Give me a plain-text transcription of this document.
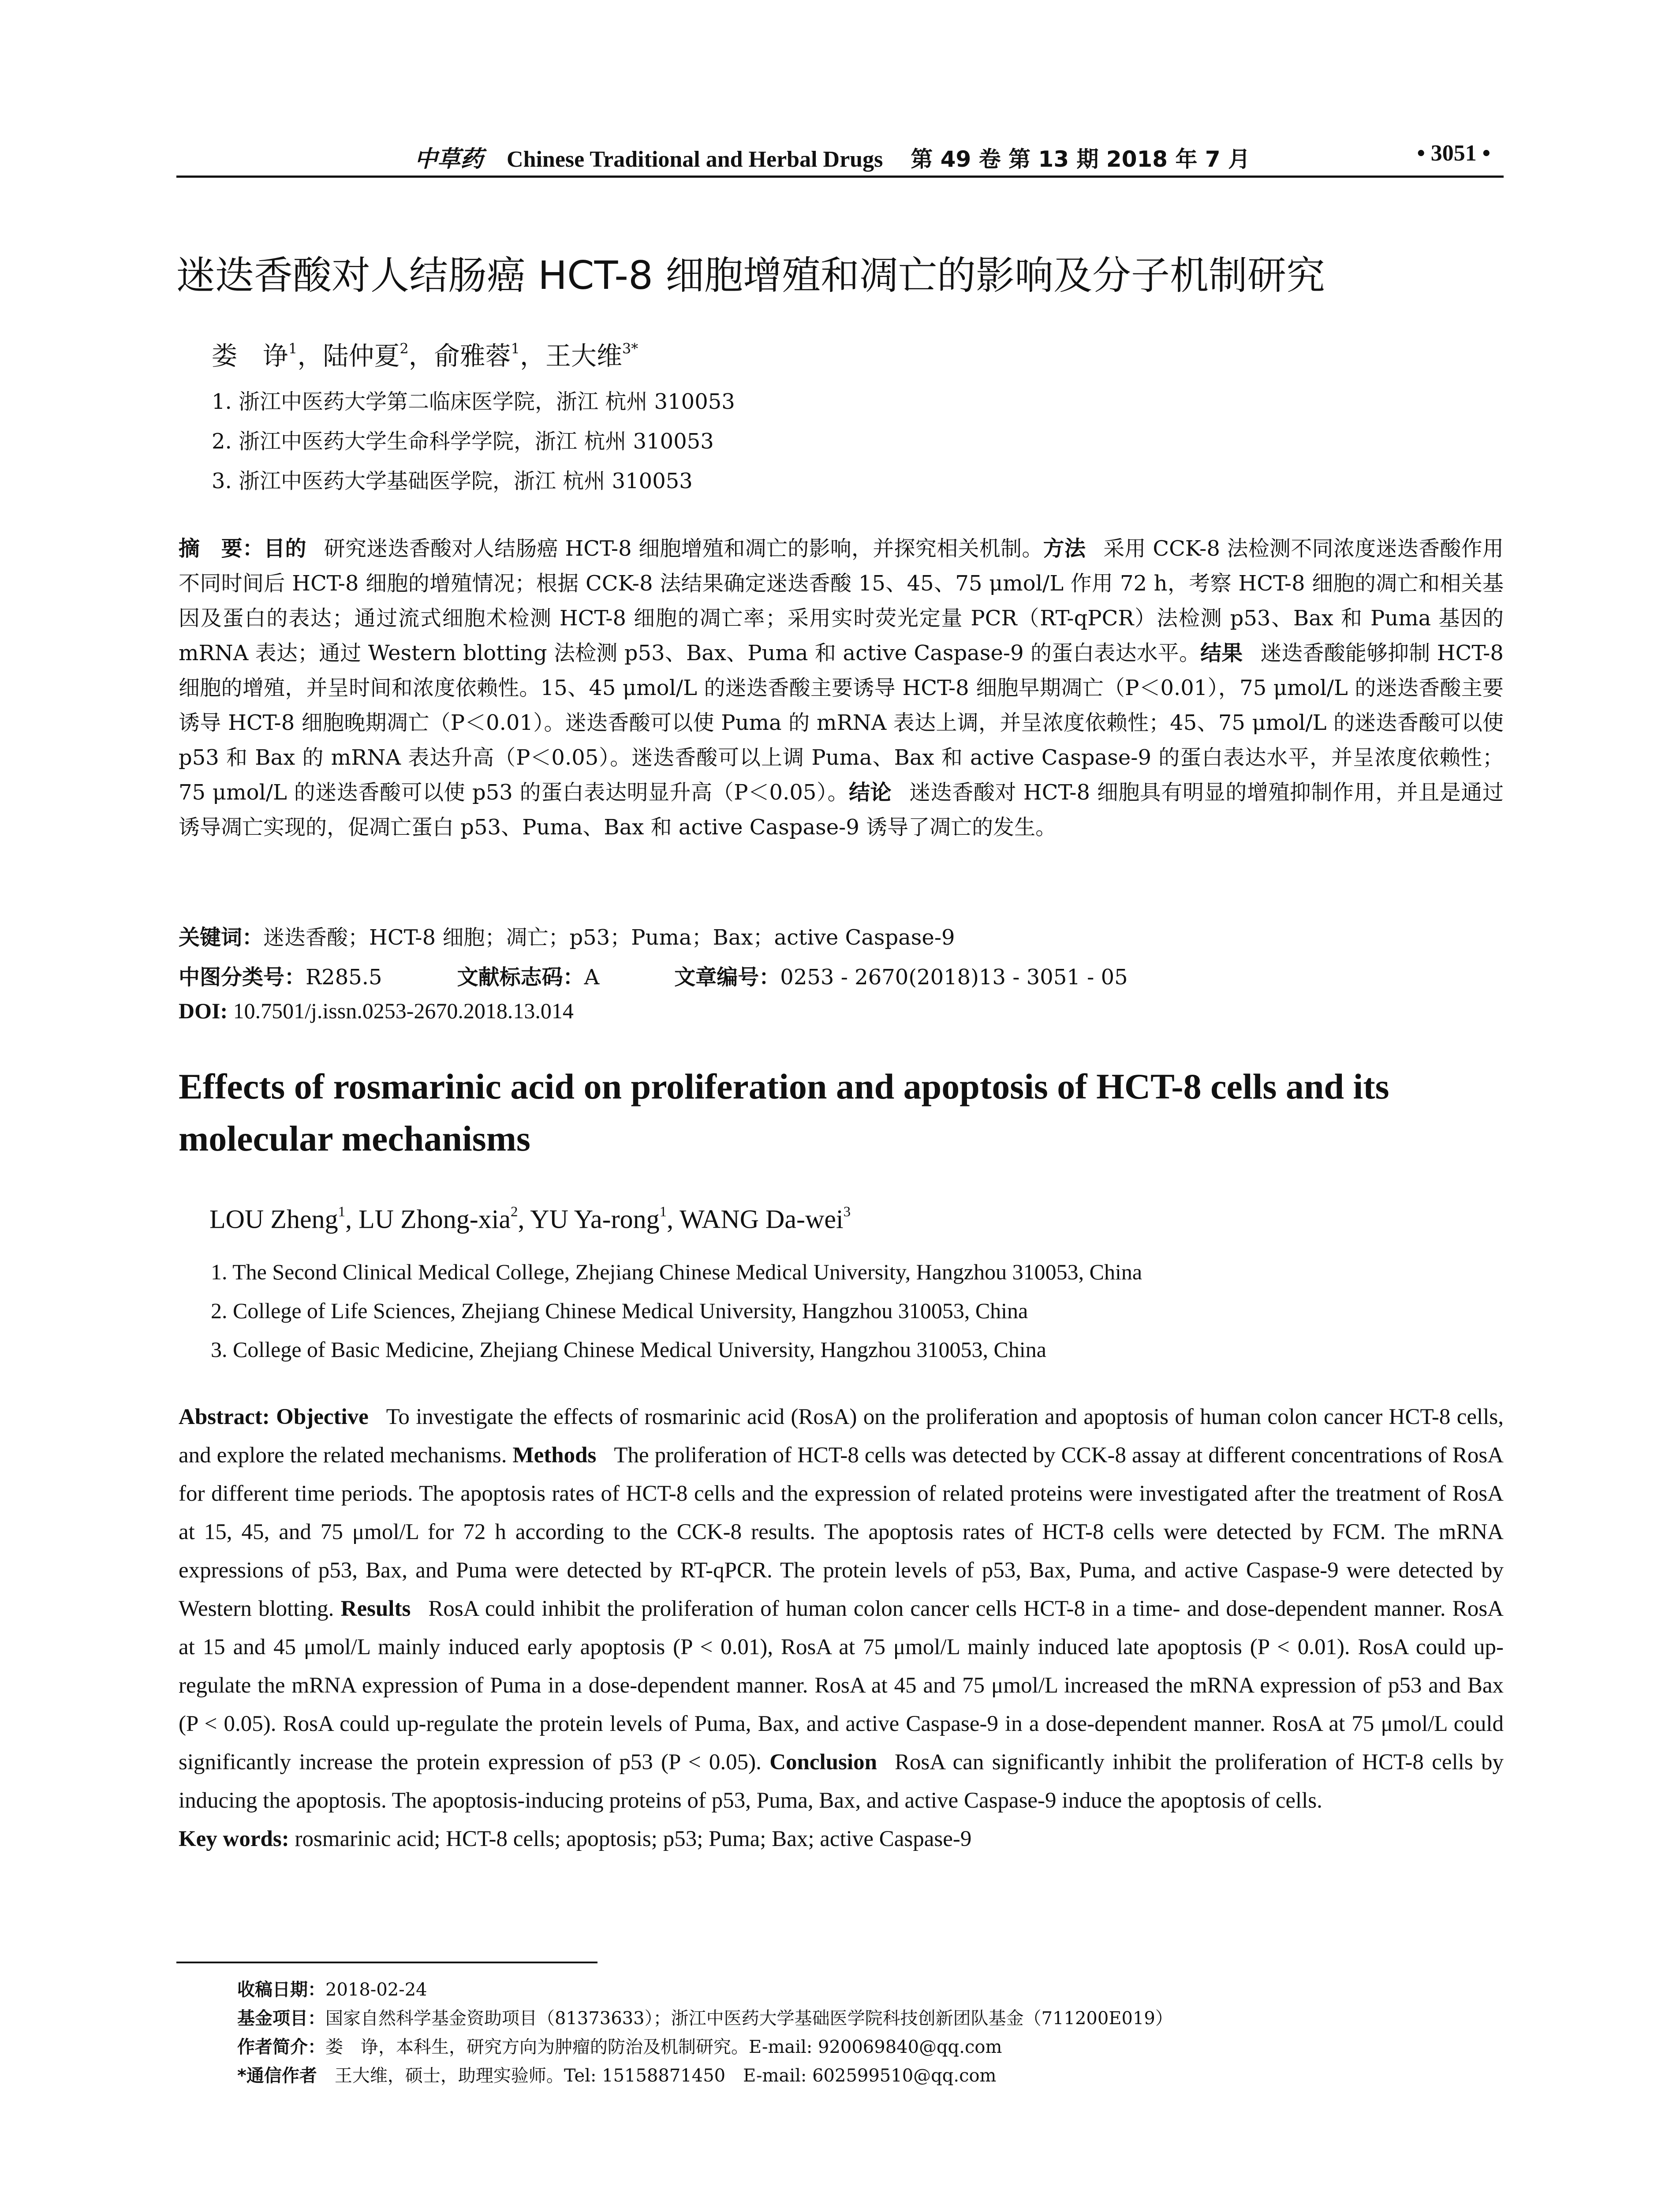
中草药 Chinese Traditional and Herbal Drugs 第 49 卷 第 13 期 2018 年 7 月	• 3051 •
迷迭香酸对人结肠癌 HCT-8 细胞增殖和凋亡的影响及分子机制研究
娄　诤$^1$，陆仲夏$^2$，俞雅蓉$^1$，王大维$^{3*}$
1. 浙江中医药大学第二临床医学院，浙江 杭州 310053
2. 浙江中医药大学生命科学学院，浙江 杭州 310053
3. 浙江中医药大学基础医学院，浙江 杭州 310053
摘　要：目的 研究迷迭香酸对人结肠癌 HCT-8 细胞增殖和凋亡的影响，并探究相关机制。方法 采用 CCK-8 法检测不同浓度迷迭香酸作用不同时间后 HCT-8 细胞的增殖情况；根据 CCK-8 法结果确定迷迭香酸 15、45、75 μmol/L 作用 72 h，考察 HCT-8 细胞的凋亡和相关基因及蛋白的表达；通过流式细胞术检测 HCT-8 细胞的凋亡率；采用实时荧光定量 PCR（RT-qPCR）法检测 p53、Bax 和 Puma 基因的 mRNA 表达；通过 Western blotting 法检测 p53、Bax、Puma 和 active Caspase-9 的蛋白表达水平。结果 迷迭香酸能够抑制 HCT-8 细胞的增殖，并呈时间和浓度依赖性。15、45 μmol/L 的迷迭香酸主要诱导 HCT-8 细胞早期凋亡（P＜0.01），75 μmol/L 的迷迭香酸主要诱导 HCT-8 细胞晚期凋亡（P＜0.01）。迷迭香酸可以使 Puma 的 mRNA 表达上调，并呈浓度依赖性；45、75 μmol/L 的迷迭香酸可以使 p53 和 Bax 的 mRNA 表达升高（P＜0.05）。迷迭香酸可以上调 Puma、Bax 和 active Caspase-9 的蛋白表达水平，并呈浓度依赖性；75 μmol/L 的迷迭香酸可以使 p53 的蛋白表达明显升高（P＜0.05）。结论 迷迭香酸对 HCT-8 细胞具有明显的增殖抑制作用，并且是通过诱导凋亡实现的，促凋亡蛋白 p53、Puma、Bax 和 active Caspase-9 诱导了凋亡的发生。
关键词：迷迭香酸；HCT-8 细胞；凋亡；p53；Puma；Bax；active Caspase-9
中图分类号：R285.5	文献标志码：A	文章编号：0253 - 2670(2018)13 - 3051 - 05
DOI: 10.7501/j.issn.0253-2670.2018.13.014
Effects of rosmarinic acid on proliferation and apoptosis of HCT-8 cells and its molecular mechanisms
LOU Zheng$^1$, LU Zhong-xia$^2$, YU Ya-rong$^1$, WANG Da-wei$^3$
1. The Second Clinical Medical College, Zhejiang Chinese Medical University, Hangzhou 310053, China
2. College of Life Sciences, Zhejiang Chinese Medical University, Hangzhou 310053, China
3. College of Basic Medicine, Zhejiang Chinese Medical University, Hangzhou 310053, China
Abstract: Objective To investigate the effects of rosmarinic acid (RosA) on the proliferation and apoptosis of human colon cancer HCT-8 cells, and explore the related mechanisms. Methods The proliferation of HCT-8 cells was detected by CCK-8 assay at different concentrations of RosA for different time periods. The apoptosis rates of HCT-8 cells and the expression of related proteins were investigated after the treatment of RosA at 15, 45, and 75 μmol/L for 72 h according to the CCK-8 results. The apoptosis rates of HCT-8 cells were detected by FCM. The mRNA expressions of p53, Bax, and Puma were detected by RT-qPCR. The protein levels of p53, Bax, Puma, and active Caspase-9 were detected by Western blotting. Results RosA could inhibit the proliferation of human colon cancer cells HCT-8 in a time- and dose-dependent manner. RosA at 15 and 45 μmol/L mainly induced early apoptosis (P < 0.01), RosA at 75 μmol/L mainly induced late apoptosis (P < 0.01). RosA could up-regulate the mRNA expression of Puma in a dose-dependent manner. RosA at 45 and 75 μmol/L increased the mRNA expression of p53 and Bax (P < 0.05). RosA could up-regulate the protein levels of Puma, Bax, and active Caspase-9 in a dose-dependent manner. RosA at 75 μmol/L could significantly increase the protein expression of p53 (P < 0.05). Conclusion RosA can significantly inhibit the proliferation of HCT-8 cells by inducing the apoptosis. The apoptosis-inducing proteins of p53, Puma, Bax, and active Caspase-9 induce the apoptosis of cells.
Key words: rosmarinic acid; HCT-8 cells; apoptosis; p53; Puma; Bax; active Caspase-9
收稿日期：2018-02-24
基金项目：国家自然科学基金资助项目（81373633）；浙江中医药大学基础医学院科技创新团队基金（711200E019）
作者简介：娄　诤，本科生，研究方向为肿瘤的防治及机制研究。E-mail: 920069840@qq.com
*通信作者　王大维，硕士，助理实验师。Tel: 15158871450　E-mail: 602599510@qq.com
